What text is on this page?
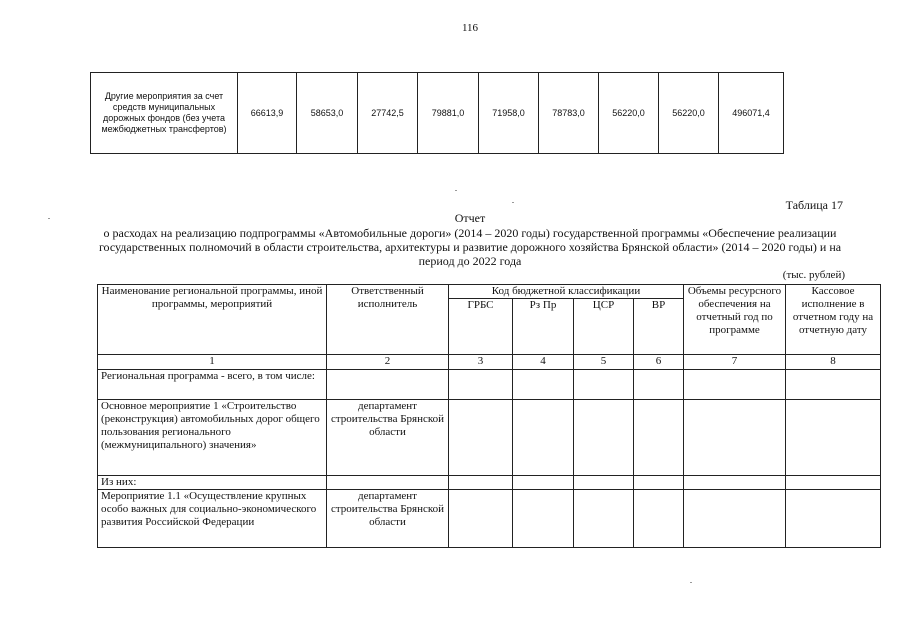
116
Другие мероприятия за счет средств муниципальных дорожных фондов (без учета межбюджетных трансфертов)	66613,9	58653,0	27742,5	79881,0	71958,0	78783,0	56220,0	56220,0	496071,4
Таблица 17
Отчет
о расходах на реализацию подпрограммы «Автомобильные дороги» (2014 – 2020 годы) государственной программы «Обеспечение реализации государственных полномочий в области строительства, архитектуры и развитие дорожного хозяйства Брянской области» (2014 – 2020 годы) и на период до 2022 года
(тыс. рублей)
Наименование региональной программы, иной программы, мероприятий	Ответственный исполнитель	Код бюджетной классификации				Объемы ресурсного обеспечения на отчетный год по программе	Кассовое исполнение в отчетном году на отчетную дату
		ГРБС	Рз Пр	ЦСР	ВР		
1	2	3	4	5	6	7	8
Региональная программа - всего, в том числе:							
Основное мероприятие 1 «Строительство (реконструкция) автомобильных дорог общего пользования регионального (межмуниципального) значения»	департамент строительства Брянской области						
Из них:							
Мероприятие 1.1 «Осуществление крупных особо важных для социально-экономического развития Российской Федерации	департамент строительства Брянской области						
